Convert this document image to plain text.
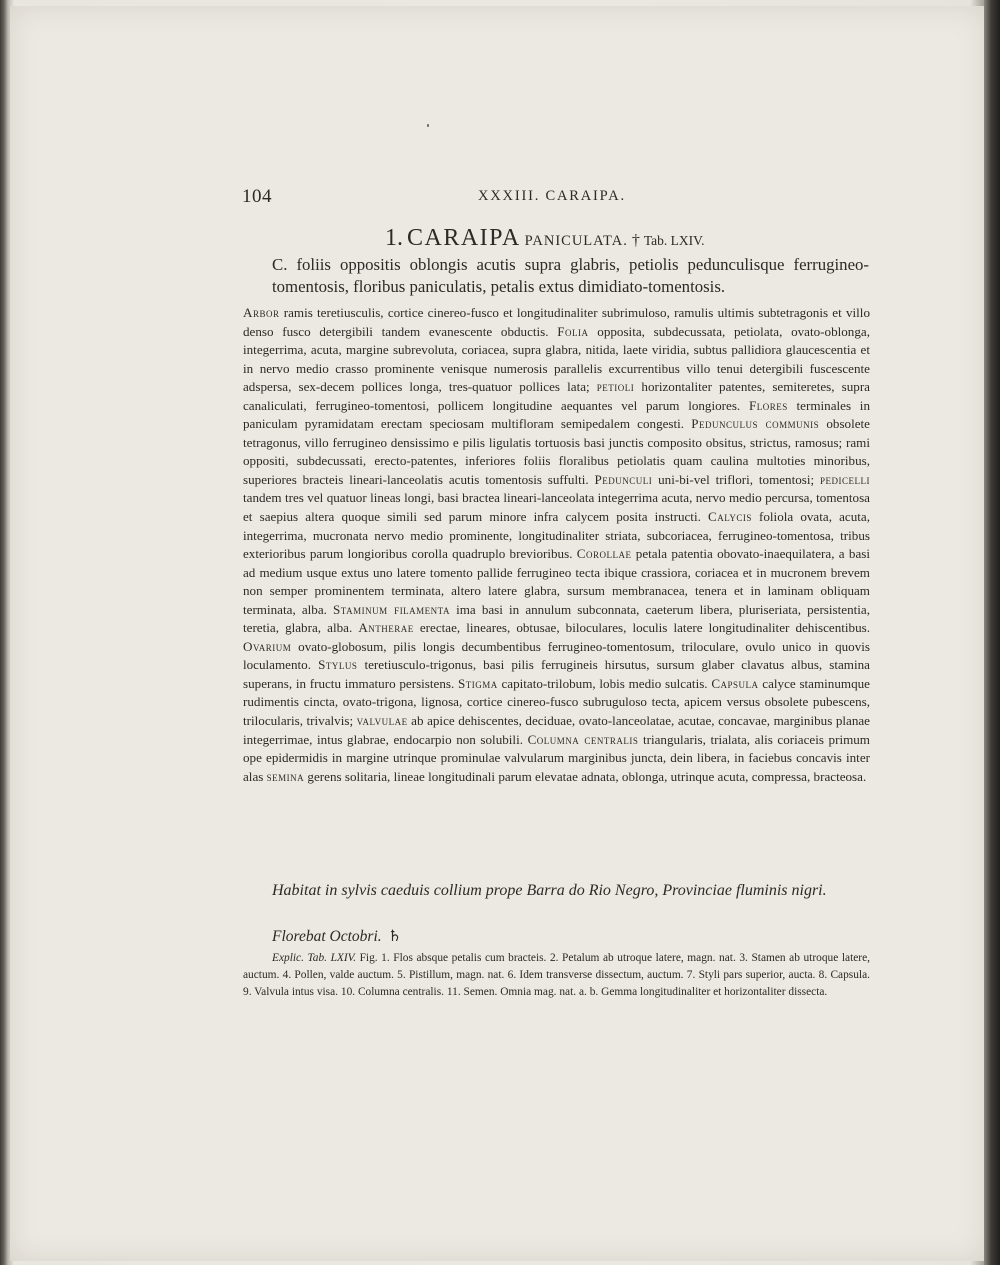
104	XXXIII. CARAIPA.
1. CARAIPA PANICULATA. † Tab. LXIV.
C. foliis oppositis oblongis acutis supra glabris, petiolis pedunculisque ferrugineo-tomentosis, floribus paniculatis, petalis extus dimidiato-tomentosis.
Arbor ramis teretiusculis, cortice cinereo-fusco et longitudinaliter subrimuloso, ramulis ultimis subtetragonis et villo denso fusco detergibili tandem evanescente obductis. Folia opposita, subdecussata, petiolata, ovato-oblonga, integerrima, acuta, margine subrevoluta, coriacea, supra glabra, nitida, laete viridia, subtus pallidiora glaucescentia et in nervo medio crasso prominente venisque numerosis parallelis excurrentibus villo tenui detergibili fuscescente adspersa, sex-decem pollices longa, tres-quatuor pollices lata; petioli horizontaliter patentes, semiteretes, supra canaliculati, ferrugineo-tomentosi, pollicem longitudine aequantes vel parum longiores. Flores terminales in paniculam pyramidatam erectam speciosam multifloram semipedalem congesti. Pedunculus communis obsolete tetragonus, villo ferrugineo densissimo e pilis ligulatis tortuosis basi junctis composito obsitus, strictus, ramosus; rami oppositi, subdecussati, erecto-patentes, inferiores foliis floralibus petiolatis quam caulina multoties minoribus, superiores bracteis lineari-lanceolatis acutis tomentosis suffulti. Pedunculi uni-bi-vel triflori, tomentosi; pedicelli tandem tres vel quatuor lineas longi, basi bractea lineari-lanceolata integerrima acuta, nervo medio percursa, tomentosa et saepius altera quoque simili sed parum minore infra calycem posita instructi. Calycis foliola ovata, acuta, integerrima, mucronata nervo medio prominente, longitudinaliter striata, subcoriacea, ferrugineo-tomentosa, tribus exterioribus parum longioribus corolla quadruplo brevioribus. Corollae petala patentia obovato-inaequilatera, a basi ad medium usque extus uno latere tomento pallide ferrugineo tecta ibique crassiora, coriacea et in mucronem brevem non semper prominentem terminata, altero latere glabra, sursum membranacea, tenera et in laminam obliquam terminata, alba. Staminum filamenta ima basi in annulum subconnata, caeterum libera, pluriseriata, persistentia, teretia, glabra, alba. Antherae erectae, lineares, obtusae, biloculares, loculis latere longitudinaliter dehiscentibus. Ovarium ovato-globosum, pilis longis decumbentibus ferrugineo-tomentosum, triloculare, ovulo unico in quovis loculamento. Stylus teretiusculo-trigonus, basi pilis ferrugineis hirsutus, sursum glaber clavatus albus, stamina superans, in fructu immaturo persistens. Stigma capitato-trilobum, lobis medio sulcatis. Capsula calyce staminumque rudimentis cincta, ovato-trigona, lignosa, cortice cinereo-fusco subruguloso tecta, apicem versus obsolete pubescens, trilocularis, trivalvis; valvulae ab apice dehiscentes, deciduae, ovato-lanceolatae, acutae, concavae, marginibus planae integerrimae, intus glabrae, endocarpio non solubili. Columna centralis triangularis, trialata, alis coriaceis primum ope epidermidis in margine utrinque prominulae valvularum marginibus juncta, dein libera, in faciebus concavis inter alas semina gerens solitaria, lineae longitudinali parum elevatae adnata, oblonga, utrinque acuta, compressa, bracteosa.
Habitat in sylvis caeduis collium prope Barra do Rio Negro, Provinciae fluminis nigri.
Florebat Octobri. ♄
Explic. Tab. LXIV. Fig. 1. Flos absque petalis cum bracteis. 2. Petalum ab utroque latere, magn. nat. 3. Stamen ab utroque latere, auctum. 4. Pollen, valde auctum. 5. Pistillum, magn. nat. 6. Idem transverse dissectum, auctum. 7. Styli pars superior, aucta. 8. Capsula. 9. Valvula intus visa. 10. Columna centralis. 11. Semen. Omnia mag. nat. a. b. Gemma longitudinaliter et horizontaliter dissecta.
